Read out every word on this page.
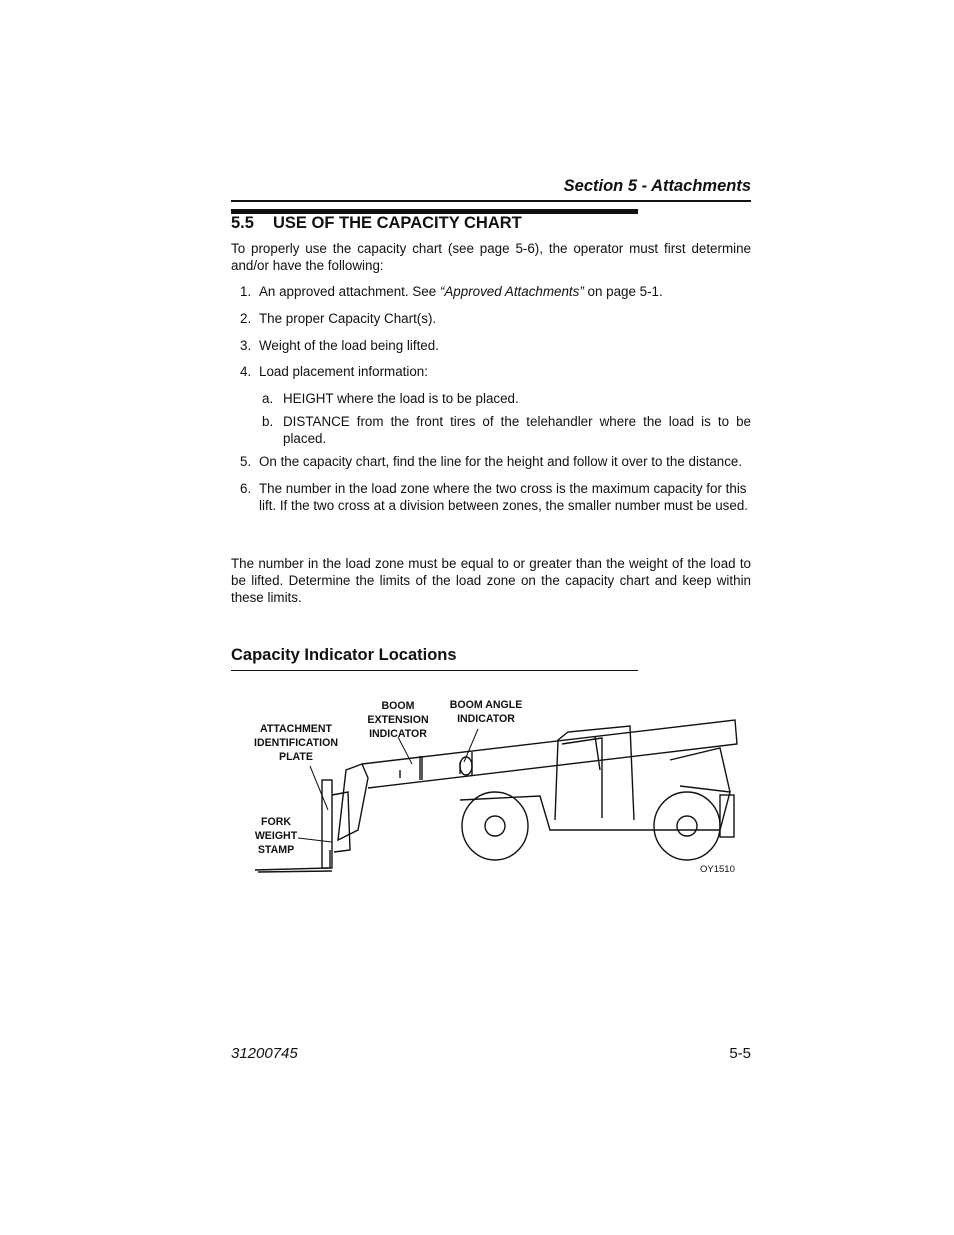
Section 5 - Attachments
5.5 USE OF THE CAPACITY CHART
To properly use the capacity chart (see page 5-6), the operator must first determine and/or have the following:
1. An approved attachment. See “Approved Attachments” on page 5-1.
2. The proper Capacity Chart(s).
3. Weight of the load being lifted.
4. Load placement information:
a. HEIGHT where the load is to be placed.
b. DISTANCE from the front tires of the telehandler where the load is to be placed.
5. On the capacity chart, find the line for the height and follow it over to the distance.
6. The number in the load zone where the two cross is the maximum capacity for this lift. If the two cross at a division between zones, the smaller number must be used.
The number in the load zone must be equal to or greater than the weight of the load to be lifted. Determine the limits of the load zone on the capacity chart and keep within these limits.
Capacity Indicator Locations
ATTACHMENT
IDENTIFICATION
PLATE
BOOM
EXTENSION
INDICATOR
BOOM ANGLE
INDICATOR
FORK
WEIGHT
STAMP
OY1510
31200745	5-5
